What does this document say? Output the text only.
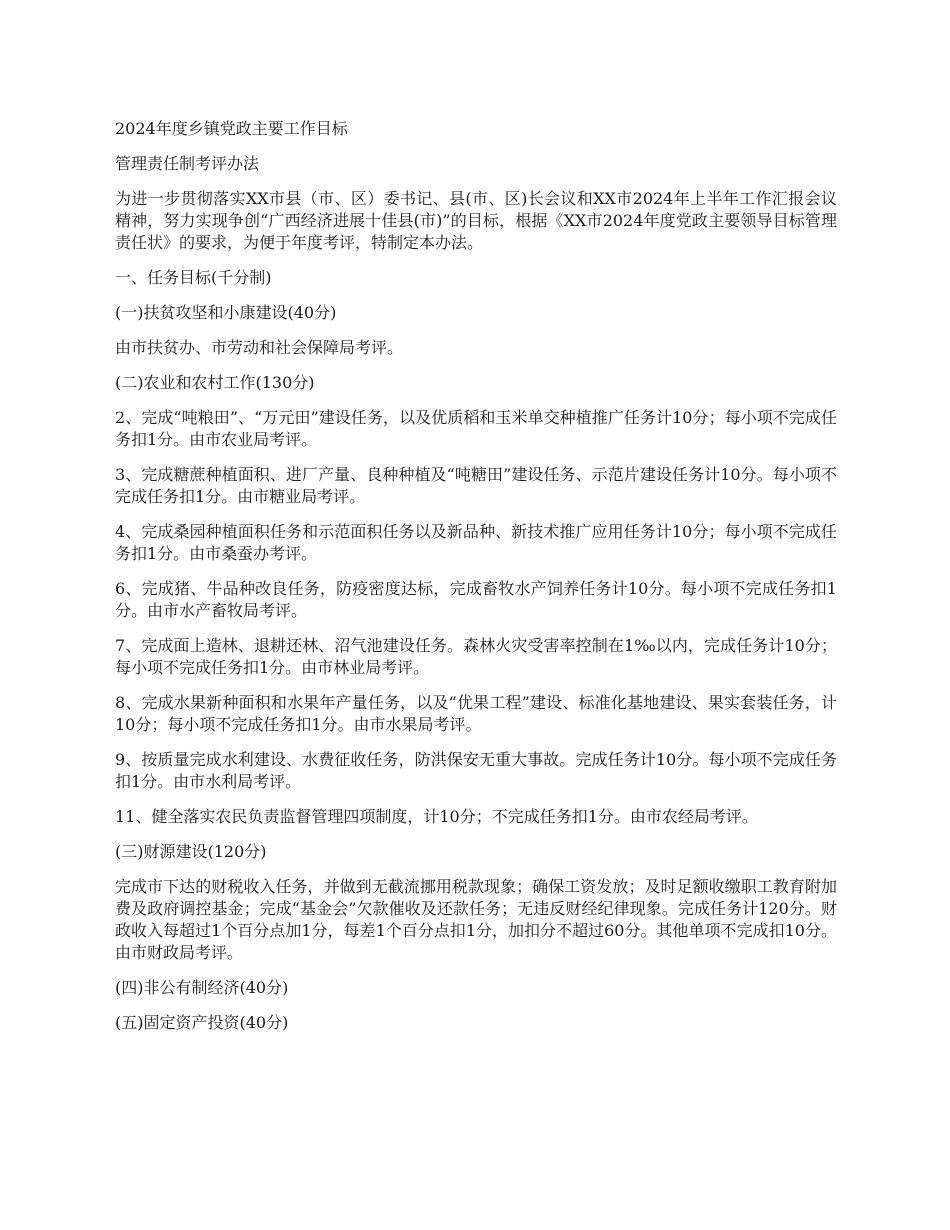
2024年度乡镇党政主要工作目标

管理责任制考评办法

为进一步贯彻落实XX市县（市、区）委书记、县(市、区)长会议和XX市2024年上半年工作汇报会议精神，努力实现争创“广西经济进展十佳县(市)”的目标，根据《XX市2024年度党政主要领导目标管理责任状》的要求，为便于年度考评，特制定本办法。

一、任务目标(千分制)

(一)扶贫攻坚和小康建设(40分)

由市扶贫办、市劳动和社会保障局考评。

(二)农业和农村工作(130分)

2、完成“吨粮田”、“万元田”建设任务，以及优质稻和玉米单交种植推广任务计10分；每小项不完成任务扣1分。由市农业局考评。

3、完成糖蔗种植面积、进厂产量、良种种植及“吨糖田”建设任务、示范片建设任务计10分。每小项不完成任务扣1分。由市糖业局考评。

4、完成桑园种植面积任务和示范面积任务以及新品种、新技术推广应用任务计10分；每小项不完成任务扣1分。由市桑蚕办考评。

6、完成猪、牛品种改良任务，防疫密度达标，完成畜牧水产饲养任务计10分。每小项不完成任务扣1分。由市水产畜牧局考评。

7、完成面上造林、退耕还林、沼气池建设任务。森林火灾受害率控制在1‰以内，完成任务计10分；每小项不完成任务扣1分。由市林业局考评。

8、完成水果新种面积和水果年产量任务，以及“优果工程”建设、标准化基地建设、果实套装任务，计10分；每小项不完成任务扣1分。由市水果局考评。

9、按质量完成水利建设、水费征收任务，防洪保安无重大事故。完成任务计10分。每小项不完成任务扣1分。由市水利局考评。

11、健全落实农民负责监督管理四项制度，计10分；不完成任务扣1分。由市农经局考评。

(三)财源建设(120分)

完成市下达的财税收入任务，并做到无截流挪用税款现象；确保工资发放；及时足额收缴职工教育附加费及政府调控基金；完成“基金会”欠款催收及还款任务；无违反财经纪律现象。完成任务计120分。财政收入每超过1个百分点加1分，每差1个百分点扣1分，加扣分不超过60分。其他单项不完成扣10分。由市财政局考评。

(四)非公有制经济(40分)

(五)固定资产投资(40分)
